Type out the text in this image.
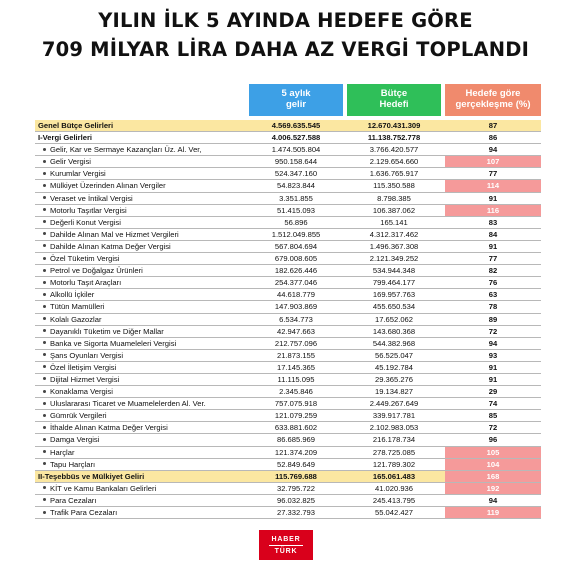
YILIN İLK 5 AYINDA HEDEFE GÖRE
709 MİLYAR LİRA DAHA AZ VERGİ TOPLANDI
5 aylık
gelir
Bütçe
Hedefi
Hedefe göre
gerçekleşme (%)
Genel Bütçe Gelirleri	4.569.635.545	12.670.431.309	87
I-Vergi Gelirleri	4.006.527.588	11.138.752.778	86
Gelir, Kar ve Sermaye Kazançları Üz. Al. Ver,	1.474.505.804	3.766.420.577	94
Gelir Vergisi	950.158.644	2.129.654.660	107
Kurumlar Vergisi	524.347.160	1.636.765.917	77
Mülkiyet Üzerinden Alınan Vergiler	54.823.844	115.350.588	114
Veraset ve İntikal Vergisi	3.351.855	8.798.385	91
Motorlu Taşıtlar Vergisi	51.415.093	106.387.062	116
Değerli Konut Vergisi	56.896	165.141	83
Dahilde Alınan Mal ve Hizmet Vergileri	1.512.049.855	4.312.317.462	84
Dahilde Alınan Katma Değer Vergisi	567.804.694	1.496.367.308	91
Özel Tüketim Vergisi	679.008.605	2.121.349.252	77
Petrol ve Doğalgaz Ürünleri	182.626.446	534.944.348	82
Motorlu Taşıt Araçları	254.377.046	799.464.177	76
Alkollü İçkiler	44.618.779	169.957.763	63
Tütün Mamülleri	147.903.869	455.650.534	78
Kolalı Gazozlar	6.534.773	17.652.062	89
Dayanıklı Tüketim ve Diğer Mallar	42.947.663	143.680.368	72
Banka ve Sigorta Muameleleri Vergisi	212.757.096	544.382.968	94
Şans Oyunları Vergisi	21.873.155	56.525.047	93
Özel İletişim Vergisi	17.145.365	45.192.784	91
Dijital Hizmet Vergisi	11.115.095	29.365.276	91
Konaklama Vergisi	2.345.846	19.134.827	29
Uluslararası Ticaret ve Muamelelerden Al. Ver.	757.075.918	2.449.267.649	74
Gümrük Vergileri	121.079.259	339.917.781	85
İthalde Alınan Katma Değer Vergisi	633.881.602	2.102.983.053	72
Damga Vergisi	86.685.969	216.178.734	96
Harçlar	121.374.209	278.725.085	105
Tapu Harçları	52.849.649	121.789.302	104
II-Teşebbüs ve Mülkiyet Geliri	115.769.688	165.061.483	168
KİT ve Kamu Bankaları Gelirleri	32.795.722	41.020.936	192
Para Cezaları	96.032.825	245.413.795	94
Trafik Para Cezaları	27.332.793	55.042.427	119
HABER
TÜRK
